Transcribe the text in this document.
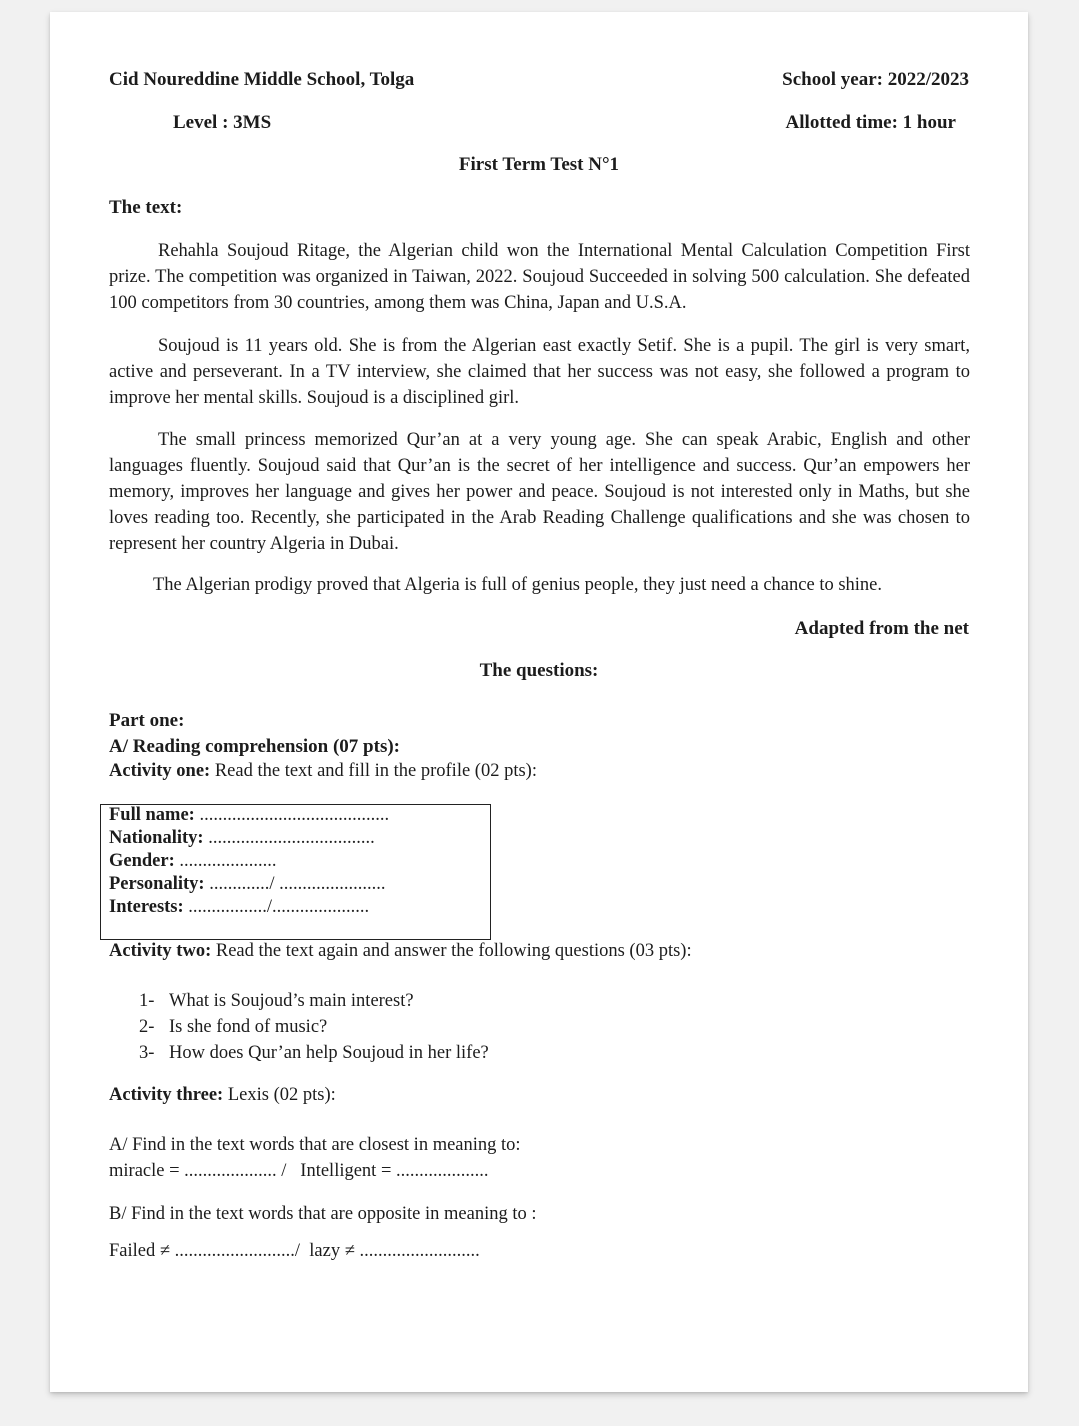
Cid Noureddine Middle School, Tolga	School year: 2022/2023
Level : 3MS	Allotted time: 1 hour
First Term Test N°1
The text:

Rehahla Soujoud Ritage, the Algerian child won the International Mental Calculation Competition First prize. The competition was organized in Taiwan, 2022. Soujoud Succeeded in solving 500 calculation. She defeated 100 competitors from 30 countries, among them was China, Japan and U.S.A.

Soujoud is 11 years old. She is from the Algerian east exactly Setif. She is a pupil. The girl is very smart, active and perseverant. In a TV interview, she claimed that her success was not easy, she followed a program to improve her mental skills. Soujoud is a disciplined girl.

The small princess memorized Qur’an at a very young age. She can speak Arabic, English and other languages fluently. Soujoud said that Qur’an is the secret of her intelligence and success. Qur’an empowers her memory, improves her language and gives her power and peace. Soujoud is not interested only in Maths, but she loves reading too. Recently, she participated in the Arab Reading Challenge qualifications and she was chosen to represent her country Algeria in Dubai.

The Algerian prodigy proved that Algeria is full of genius people, they just need a chance to shine.
Adapted from the net
The questions:
Part one:
A/ Reading comprehension (07 pts):
Activity one: Read the text and fill in the profile (02 pts):
Full name: .........................................
Nationality: ....................................
Gender: .....................
Personality: ............./ .......................
Interests: ................./.....................
Activity two: Read the text again and answer the following questions (03 pts):
1- What is Soujoud’s main interest?
2- Is she fond of music?
3- How does Qur’an help Soujoud in her life?
Activity three: Lexis (02 pts):
A/ Find in the text words that are closest in meaning to:
miracle = .................... /   Intelligent = ....................
B/ Find in the text words that are opposite in meaning to :
Failed ≠ ........................../  lazy ≠ ..........................
